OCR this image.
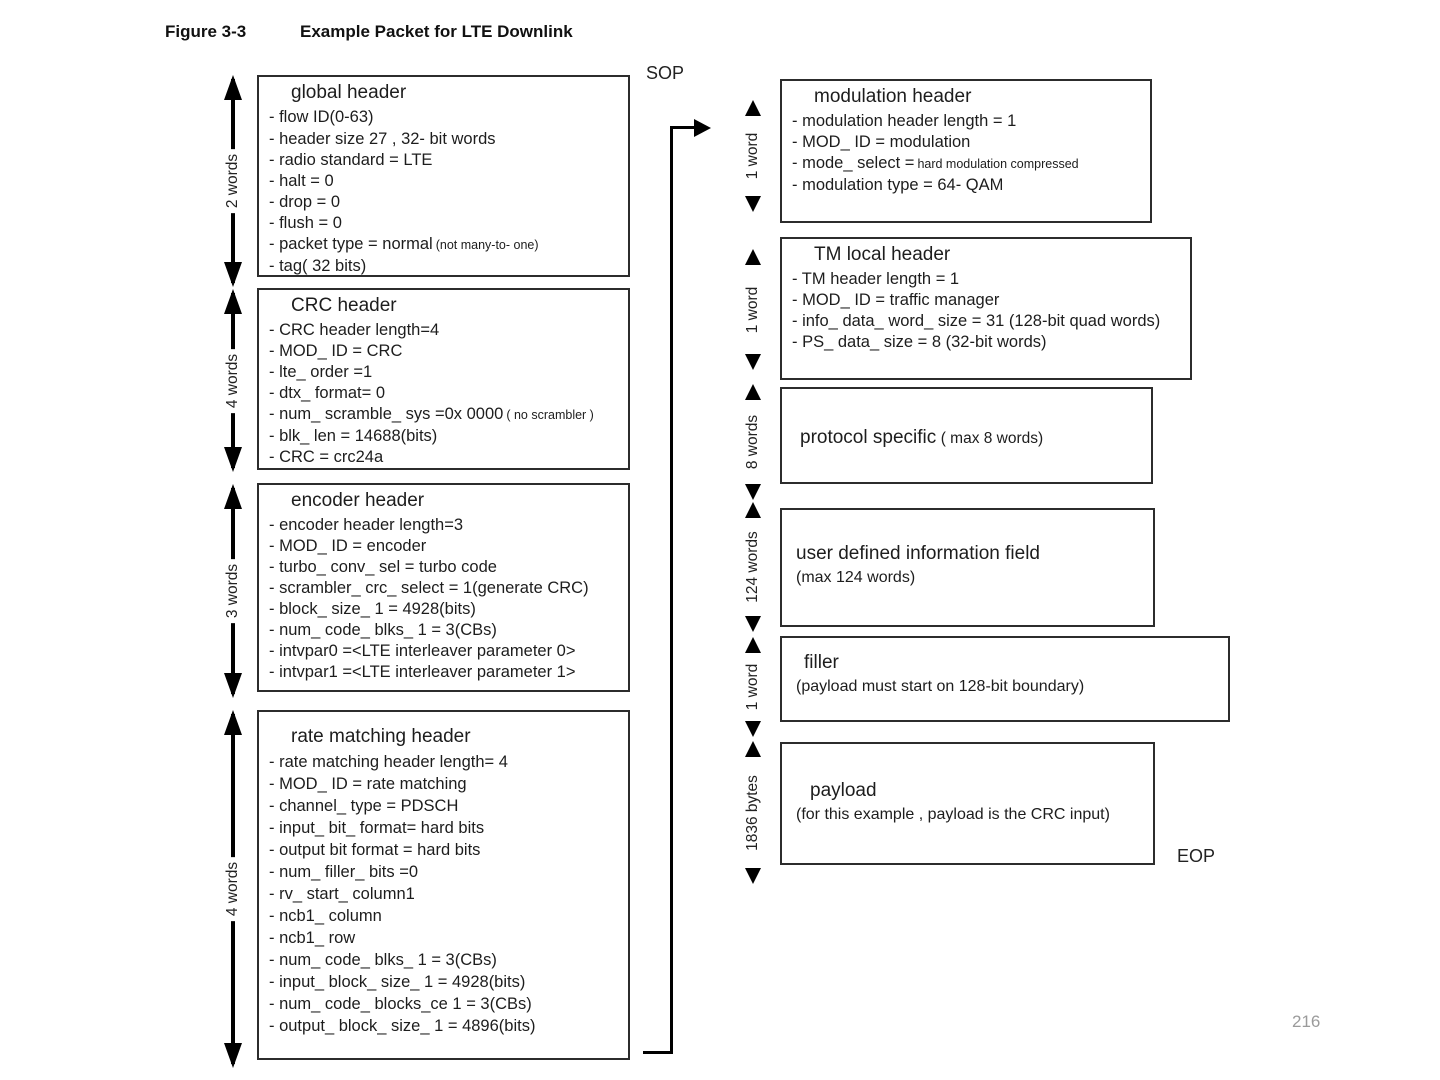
Figure 3-3	Example Packet for LTE Downlink
SOP
EOP
216
2 words
4 words
3 words
4 words
global header
- flow ID(0-63)
- header size 27 , 32- bit words
- radio standard = LTE
- halt = 0
- drop = 0
- flush = 0
- packet type = normal (not many-to- one)
- tag( 32 bits)
CRC header
- CRC header length=4
- MOD_ ID = CRC
- lte_ order =1
- dtx_ format= 0
- num_ scramble_ sys =0x 0000 ( no scrambler )
- blk_ len = 14688(bits)
- CRC = crc24a
encoder header
- encoder header length=3
- MOD_ ID = encoder
- turbo_ conv_ sel = turbo code
- scrambler_ crc_ select = 1(generate CRC)
- block_ size_ 1 = 4928(bits)
- num_ code_ blks_ 1 = 3(CBs)
- intvpar0 =<LTE interleaver parameter 0>
- intvpar1 =<LTE interleaver parameter 1>
rate matching header
- rate matching header length= 4
- MOD_ ID = rate matching
- channel_ type = PDSCH
- input_ bit_ format= hard bits
- output bit format = hard bits
- num_ filler_ bits =0
- rv_ start_ column1
- ncb1_ column
- ncb1_ row
- num_ code_ blks_ 1 = 3(CBs)
- input_ block_ size_ 1 = 4928(bits)
- num_ code_ blocks_ce 1 = 3(CBs)
- output_ block_ size_ 1 = 4896(bits)
1 word
1 word
8 words
124 words
1 word
1836 bytes
modulation header
- modulation header length = 1
- MOD_ ID = modulation
- mode_ select = hard modulation compressed
- modulation type = 64- QAM
TM local header
- TM header length = 1
- MOD_ ID = traffic manager
- info_ data_ word_ size = 31 (128-bit quad words)
- PS_ data_ size = 8 (32-bit words)
protocol specific ( max 8 words)
user defined information field
(max 124 words)
filler
(payload must start on 128-bit boundary)
payload
(for this example , payload is the CRC input)
